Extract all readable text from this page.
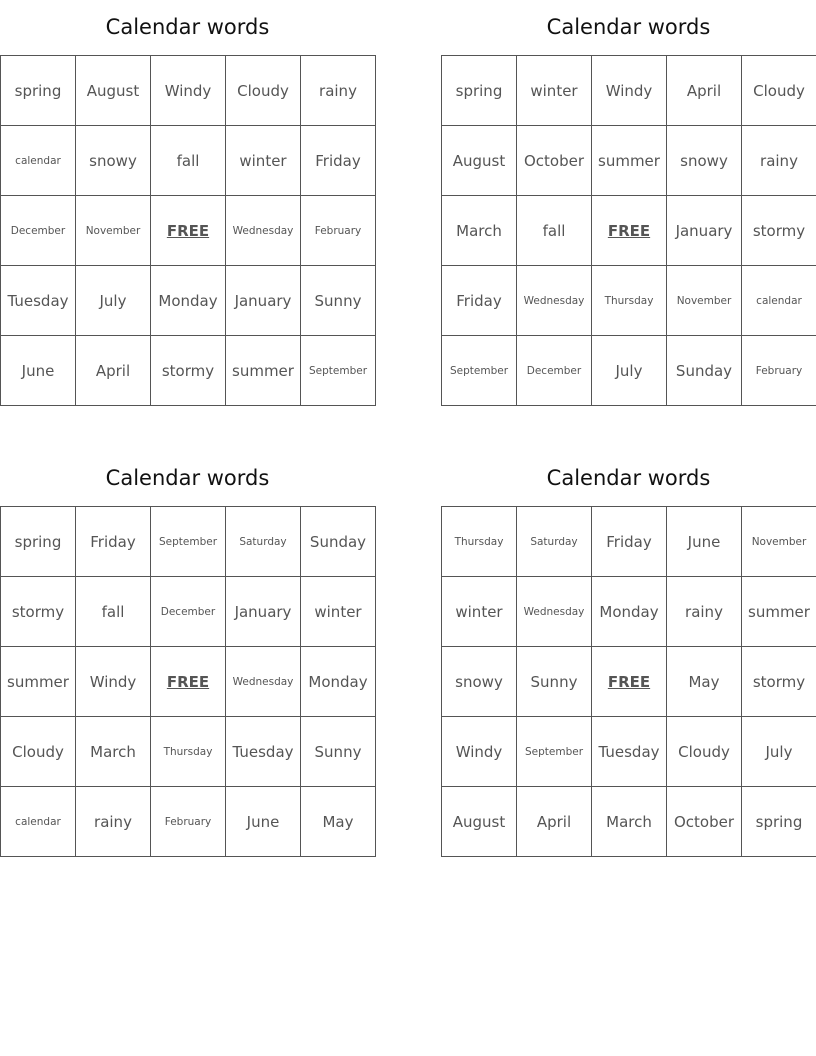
Calendar words
spring	August	Windy	Cloudy	rainy
calendar	snowy	fall	winter	Friday
December	November	FREE	Wednesday	February
Tuesday	July	Monday	January	Sunny
June	April	stormy	summer	September
Calendar words
spring	winter	Windy	April	Cloudy
August	October	summer	snowy	rainy
March	fall	FREE	January	stormy
Friday	Wednesday	Thursday	November	calendar
September	December	July	Sunday	February
Calendar words
spring	Friday	September	Saturday	Sunday
stormy	fall	December	January	winter
summer	Windy	FREE	Wednesday	Monday
Cloudy	March	Thursday	Tuesday	Sunny
calendar	rainy	February	June	May
Calendar words
Thursday	Saturday	Friday	June	November
winter	Wednesday	Monday	rainy	summer
snowy	Sunny	FREE	May	stormy
Windy	September	Tuesday	Cloudy	July
August	April	March	October	spring
